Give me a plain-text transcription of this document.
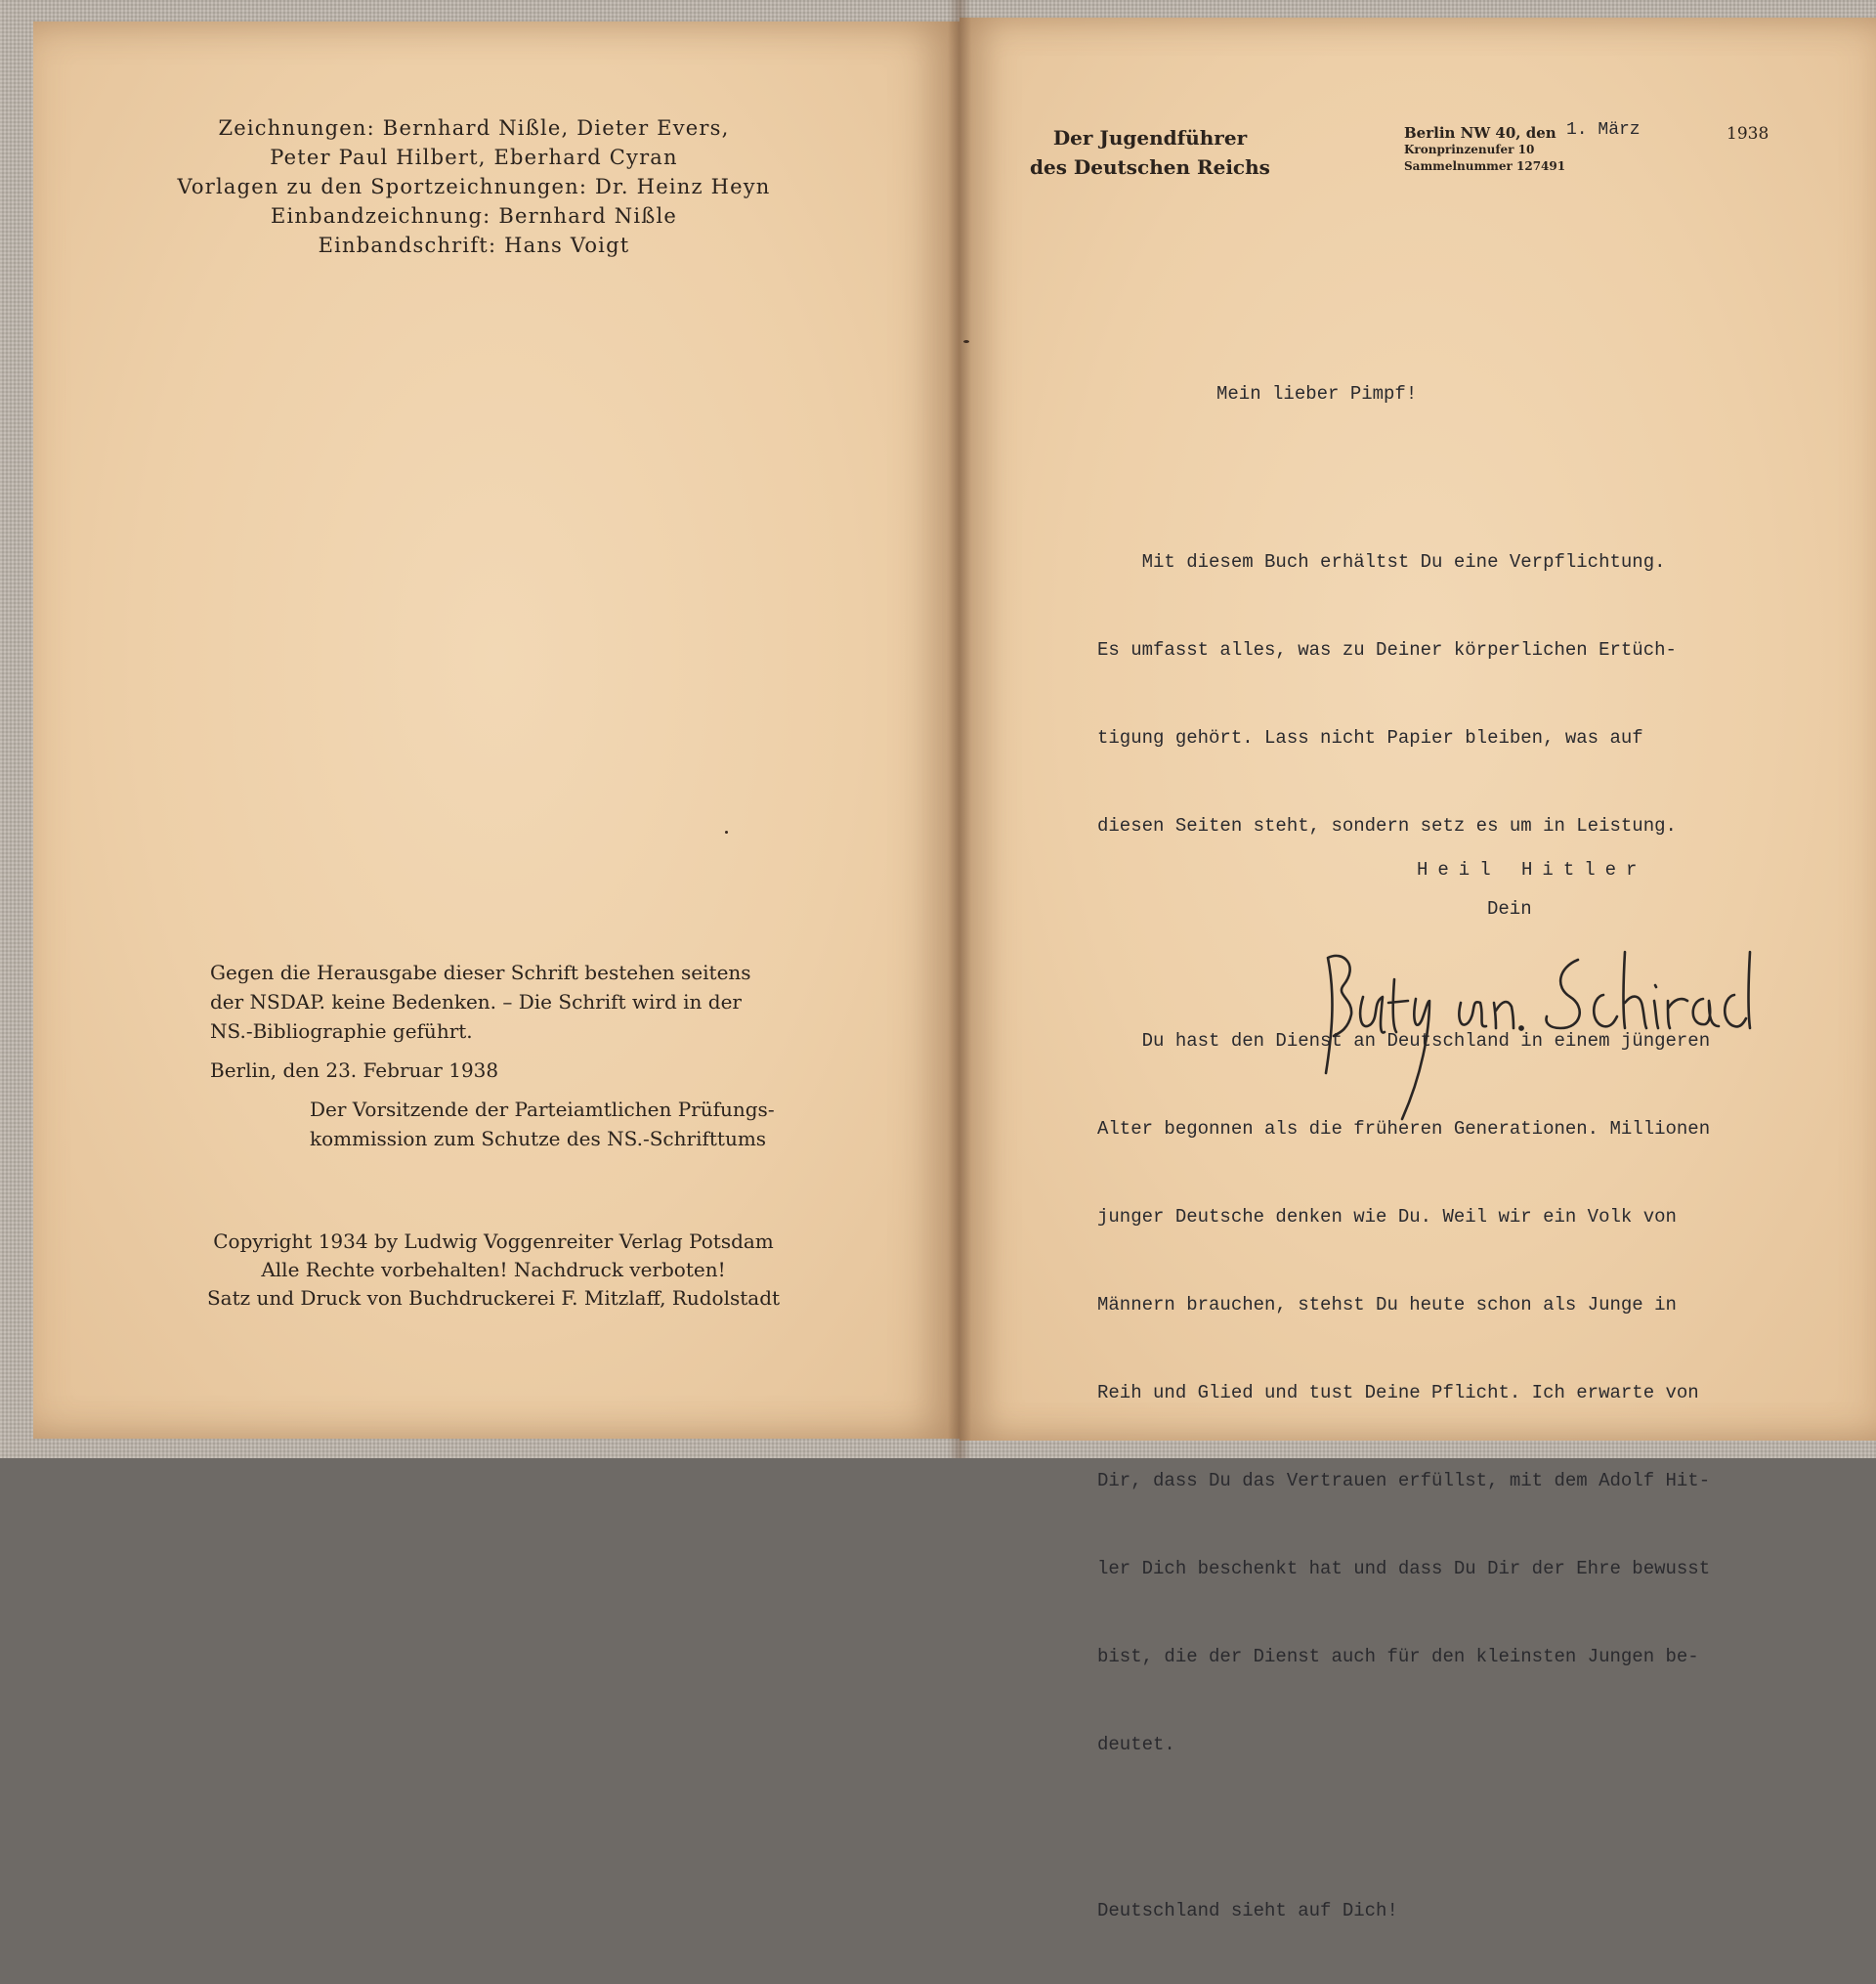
Zeichnungen: Bernhard Nißle, Dieter Evers,
Peter Paul Hilbert, Eberhard Cyran
Vorlagen zu den Sportzeichnungen: Dr. Heinz Heyn
Einbandzeichnung: Bernhard Nißle
Einbandschrift: Hans Voigt

Gegen die Herausgabe dieser Schrift bestehen seitens der NSDAP. keine Bedenken. – Die Schrift wird in der NS.-Bibliographie geführt.

Berlin, den 23. Februar 1938

Der Vorsitzende der Parteiamtlichen Prüfungs-
kommission zum Schutze des NS.-Schrifttums
Copyright 1934 by Ludwig Voggenreiter Verlag Potsdam
Alle Rechte vorbehalten! Nachdruck verboten!
Satz und Druck von Buchdruckerei F. Mitzlaff, Rudolstadt
Der Jugendführer
des Deutschen Reichs
Berlin NW 40, den
Kronprinzenufer 10
Sammelnummer 127491
1. März	1938

Mein lieber Pimpf!

Mit diesem Buch erhältst Du eine Verpflichtung.

Es umfasst alles, was zu Deiner körperlichen Ertüch-

tigung gehört. Lass nicht Papier bleiben, was auf

diesen Seiten steht, sondern setz es um in Leistung.

Du hast den Dienst an Deutschland in einem jüngeren

Alter begonnen als die früheren Generationen. Millionen

junger Deutsche denken wie Du. Weil wir ein Volk von

Männern brauchen, stehst Du heute schon als Junge in

Reih und Glied und tust Deine Pflicht. Ich erwarte von

Dir, dass Du das Vertrauen erfüllst, mit dem Adolf Hit-

ler Dich beschenkt hat und dass Du Dir der Ehre bewusst

bist, die der Dienst auch für den kleinsten Jungen be-

deutet.

Deutschland sieht auf Dich!

Heil Hitler
Dein
